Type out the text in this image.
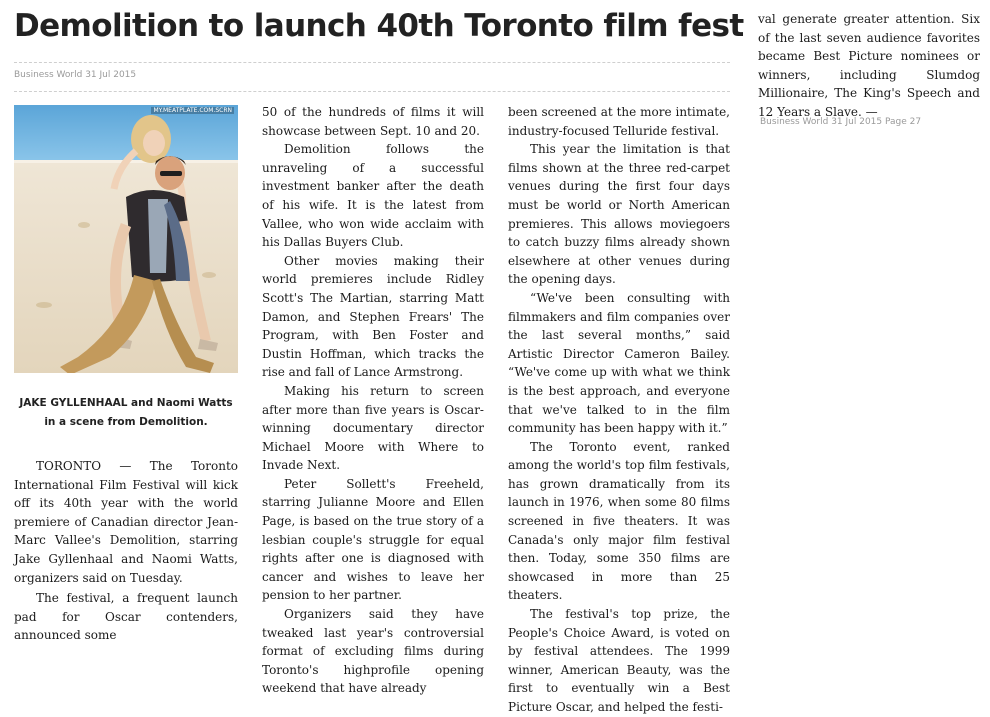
Demolition to launch 40th Toronto film fest
Business World 31 Jul 2015

val generate greater attention. Six of the last seven audience favorites became Best Picture nominees or winners, including Slumdog Millionaire, The King's Speech and 12 Years a Slave. —

Business World 31 Jul 2015 Page 27
MY.MEATPLATE.COM.SCRN
JAKE GYLLENHAAL and Naomi Watts in a scene from Demolition.

TORONTO — The Toronto International Film Festival will kick off its 40th year with the world premiere of Canadian director Jean-Marc Vallee's Demolition, starring Jake Gyllenhaal and Naomi Watts, organizers said on Tuesday.

The festival, a frequent launch pad for Oscar contenders, announced some

50 of the hundreds of films it will showcase between Sept. 10 and 20.

Demolition follows the unraveling of a successful investment banker after the death of his wife. It is the latest from Vallee, who won wide acclaim with his Dallas Buyers Club.

Other movies making their world premieres include Ridley Scott's The Martian, starring Matt Damon, and Stephen Frears' The Program, with Ben Foster and Dustin Hoffman, which tracks the rise and fall of Lance Armstrong.

Making his return to screen after more than five years is Oscar-winning documentary director Michael Moore with Where to Invade Next.

Peter Sollett's Freeheld, starring Julianne Moore and Ellen Page, is based on the true story of a lesbian couple's struggle for equal rights after one is diagnosed with cancer and wishes to leave her pension to her partner.

Organizers said they have tweaked last year's controversial format of excluding films during Toronto's highprofile opening weekend that have already

been screened at the more intimate, industry-focused Telluride festival.

This year the limitation is that films shown at the three red-carpet venues during the first four days must be world or North American premieres. This allows moviegoers to catch buzzy films already shown elsewhere at other venues during the opening days.

“We've been consulting with filmmakers and film companies over the last several months,” said Artistic Director Cameron Bailey. “We've come up with what we think is the best approach, and everyone that we've talked to in the film community has been happy with it.”

The Toronto event, ranked among the world's top film festivals, has grown dramatically from its launch in 1976, when some 80 films screened in five theaters. It was Canada's only major film festival then. Today, some 350 films are showcased in more than 25 theaters.

The festival's top prize, the People's Choice Award, is voted on by festival attendees. The 1999 winner, American Beauty, was the first to eventually win a Best Picture Oscar, and helped the festi-
